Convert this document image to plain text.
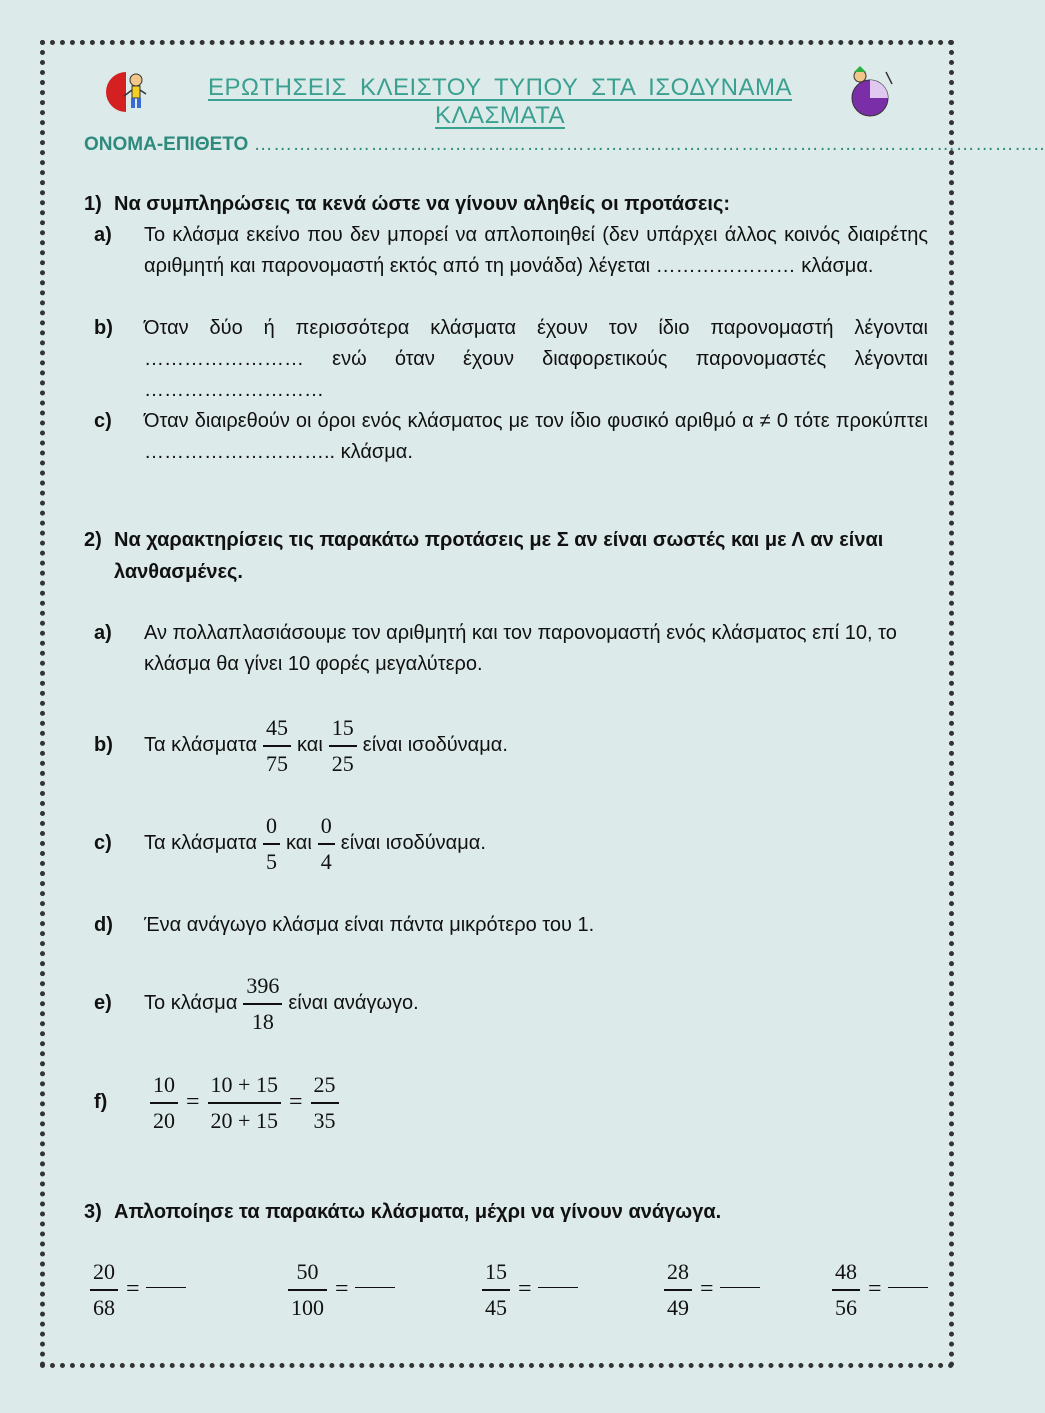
ΕΡΩΤΗΣΕΙΣ ΚΛΕΙΣΤΟΥ ΤΥΠΟΥ ΣΤΑ ΙΣΟΔΥΝΑΜΑ ΚΛΑΣΜΑΤΑ
ΟΝΟΜΑ-ΕΠΙΘΕΤΟ …………………………………………………………………………………………………………..
1) Να συμπληρώσεις τα κενά ώστε να γίνουν αληθείς οι προτάσεις:
a) Το κλάσμα εκείνο που δεν μπορεί να απλοποιηθεί (δεν υπάρχει άλλος κοινός διαιρέτης αριθμητή και παρονομαστή εκτός από τη μονάδα) λέγεται ………………… κλάσμα.
b) Όταν δύο ή περισσότερα κλάσματα έχουν τον ίδιο παρονομαστή λέγονται …………………… ενώ όταν έχουν διαφορετικούς παρονομαστές λέγονται ………………………
c) Όταν διαιρεθούν οι όροι ενός κλάσματος με τον ίδιο φυσικό αριθμό α ≠ 0 τότε προκύπτει ……………………….. κλάσμα.
2) Να χαρακτηρίσεις τις παρακάτω προτάσεις με Σ αν είναι σωστές και με Λ αν είναι
λανθασμένες.
a) Αν πολλαπλασιάσουμε τον αριθμητή και τον παρονομαστή ενός κλάσματος επί 10, το κλάσμα θα γίνει 10 φορές μεγαλύτερο.
b)	Τα κλάσματα $\frac{45}{75}$ και $\frac{15}{25}$ είναι ισοδύναμα.
c)	Τα κλάσματα $\frac{0}{5}$ και $\frac{0}{4}$ είναι ισοδύναμα.
d) Ένα ανάγωγο κλάσμα είναι πάντα μικρότερο του 1.
e)	Το κλάσμα $\frac{396}{18}$ είναι ανάγωγο.
f)	$\frac{10}{20} = \frac{10 + 15}{20 + 15} = \frac{25}{35}$
3) Απλοποίησε τα παρακάτω κλάσματα, μέχρι να γίνουν ανάγωγα.
$\frac{20}{68}$ =	$\frac{50}{100}$ =	$\frac{15}{45}$ =	$\frac{28}{49}$ =	$\frac{48}{56}$ =
